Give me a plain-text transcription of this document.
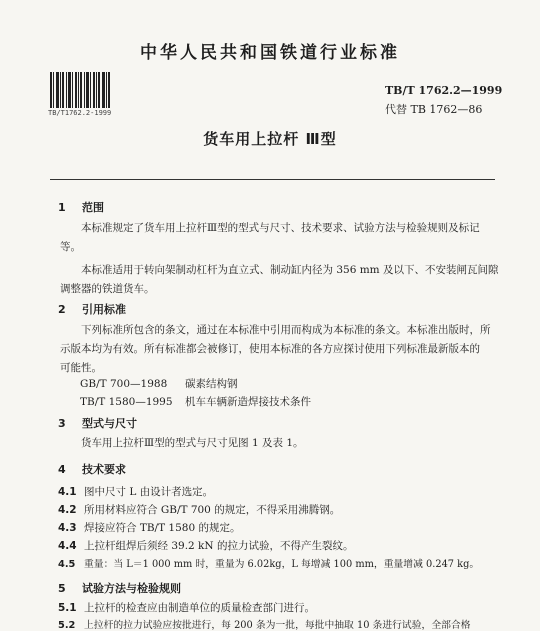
中华人民共和国铁道行业标准
TB/T1762.2-1999
TB/T 1762.2—1999
代替 TB 1762—86
货车用上拉杆 Ⅲ型
1 范围
本标准规定了货车用上拉杆Ⅲ型的型式与尺寸、技术要求、试验方法与检验规则及标记
等。
本标准适用于转向架制动杠杆为直立式、制动缸内径为 356 mm 及以下、不安装闸瓦间隙
调整器的铁道货车。
2 引用标准
下列标准所包含的条文，通过在本标准中引用而构成为本标准的条文。本标准出版时，所
示版本均为有效。所有标准都会被修订，使用本标准的各方应探讨使用下列标准最新版本的
可能性。
GB/T 700—1988 碳素结构钢
TB/T 1580—1995 机车车辆新造焊接技术条件
3 型式与尺寸
货车用上拉杆Ⅲ型的型式与尺寸见图 1 及表 1。
4 技术要求
4.1 图中尺寸 L 由设计者选定。
4.2 所用材料应符合 GB/T 700 的规定，不得采用沸腾钢。
4.3 焊接应符合 TB/T 1580 的规定。
4.4 上拉杆组焊后须经 39.2 kN 的拉力试验，不得产生裂纹。
4.5 重量：当 L＝1 000 mm 时，重量为 6.02kg，L 每增减 100 mm，重量增减 0.247 kg。
5 试验方法与检验规则
5.1 上拉杆的检查应由制造单位的质量检查部门进行。
5.2 上拉杆的拉力试验应按批进行，每 200 条为一批，每批中抽取 10 条进行试验，全部合格
